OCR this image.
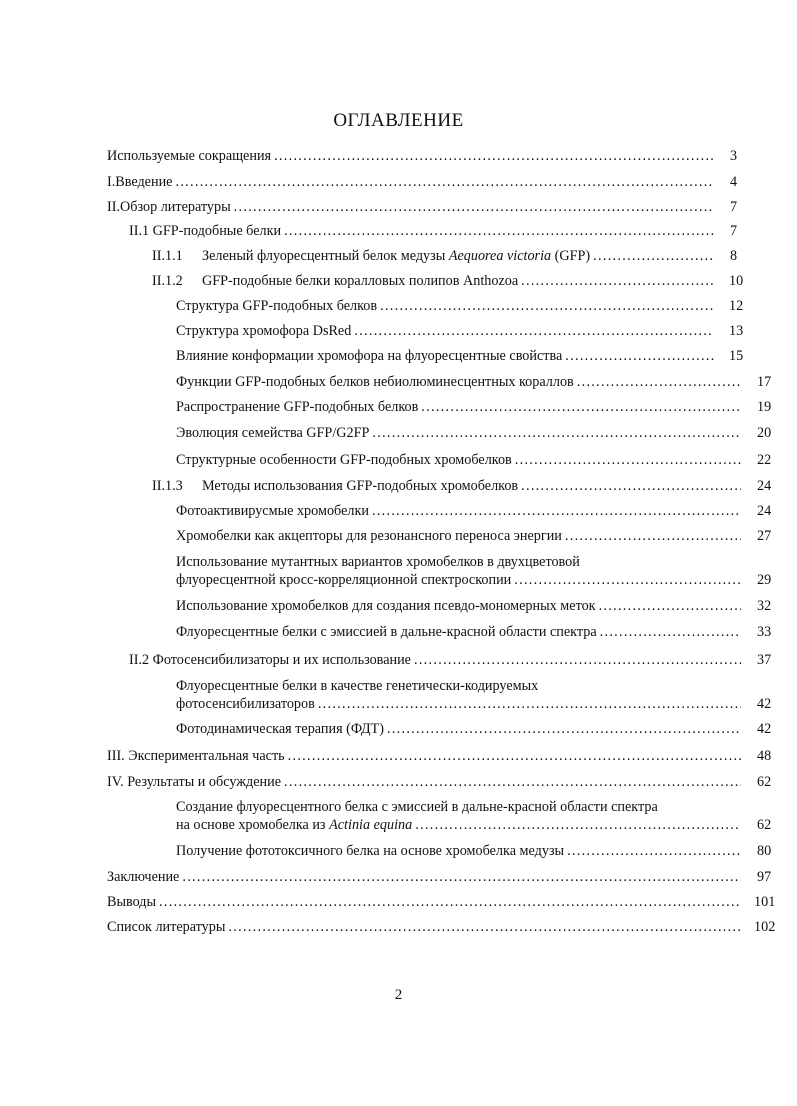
ОГЛАВЛЕНИЕ
Используемые сокращения .....	3
I.Введение .....	4
II.Обзор литературы .....	7
II.1 GFP-подобные белки .....	7
II.1.1 Зеленый флуоресцентный белок медузы Aequorea victoria (GFP) .....	8
II.1.2 GFP-подобные белки коралловых полипов Anthozoa .....	10
Структура GFP-подобных белков .....	12
Структура хромофора DsRed .....	13
Влияние конформации хромофора на флуоресцентные свойства .....	15
Функции GFP-подобных белков небиолюминесцентных кораллов .....	17
Распространение GFP-подобных белков .....	19
Эволюция семейства GFP/G2FP .....	20
Структурные особенности GFP-подобных хромобелков .....	22
II.1.3 Методы использования GFP-подобных хромобелков .....	24
Фотоактивирусмые хромобелки .....	24
Хромобелки как акцепторы для резонансного переноса энергии .....	27
Использование мутантных вариантов хромобелков в двухцветовой
флуоресцентной кросс-корреляционной спектроскопии .....	29
Использование хромобелков для создания псевдо-мономерных меток .....	32
Флуоресцентные белки с эмиссией в дальне-красной области спектра .....	33
II.2 Фотосенсибилизаторы и их использование .....	37
Флуоресцентные белки в качестве генетически-кодируемых
фотосенсибилизаторов .....	42
Фотодинамическая терапия (ФДТ) .....	42
III. Экспериментальная часть .....	48
IV. Результаты и обсуждение .....	62
Создание флуоресцентного белка с эмиссией в дальне-красной области спектра
на основе хромобелка из Actinia equina .....	62
Получение фототоксичного белка на основе хромобелка медузы .....	80
Заключение .....	97
Выводы .....	101
Список литературы .....	102
2
